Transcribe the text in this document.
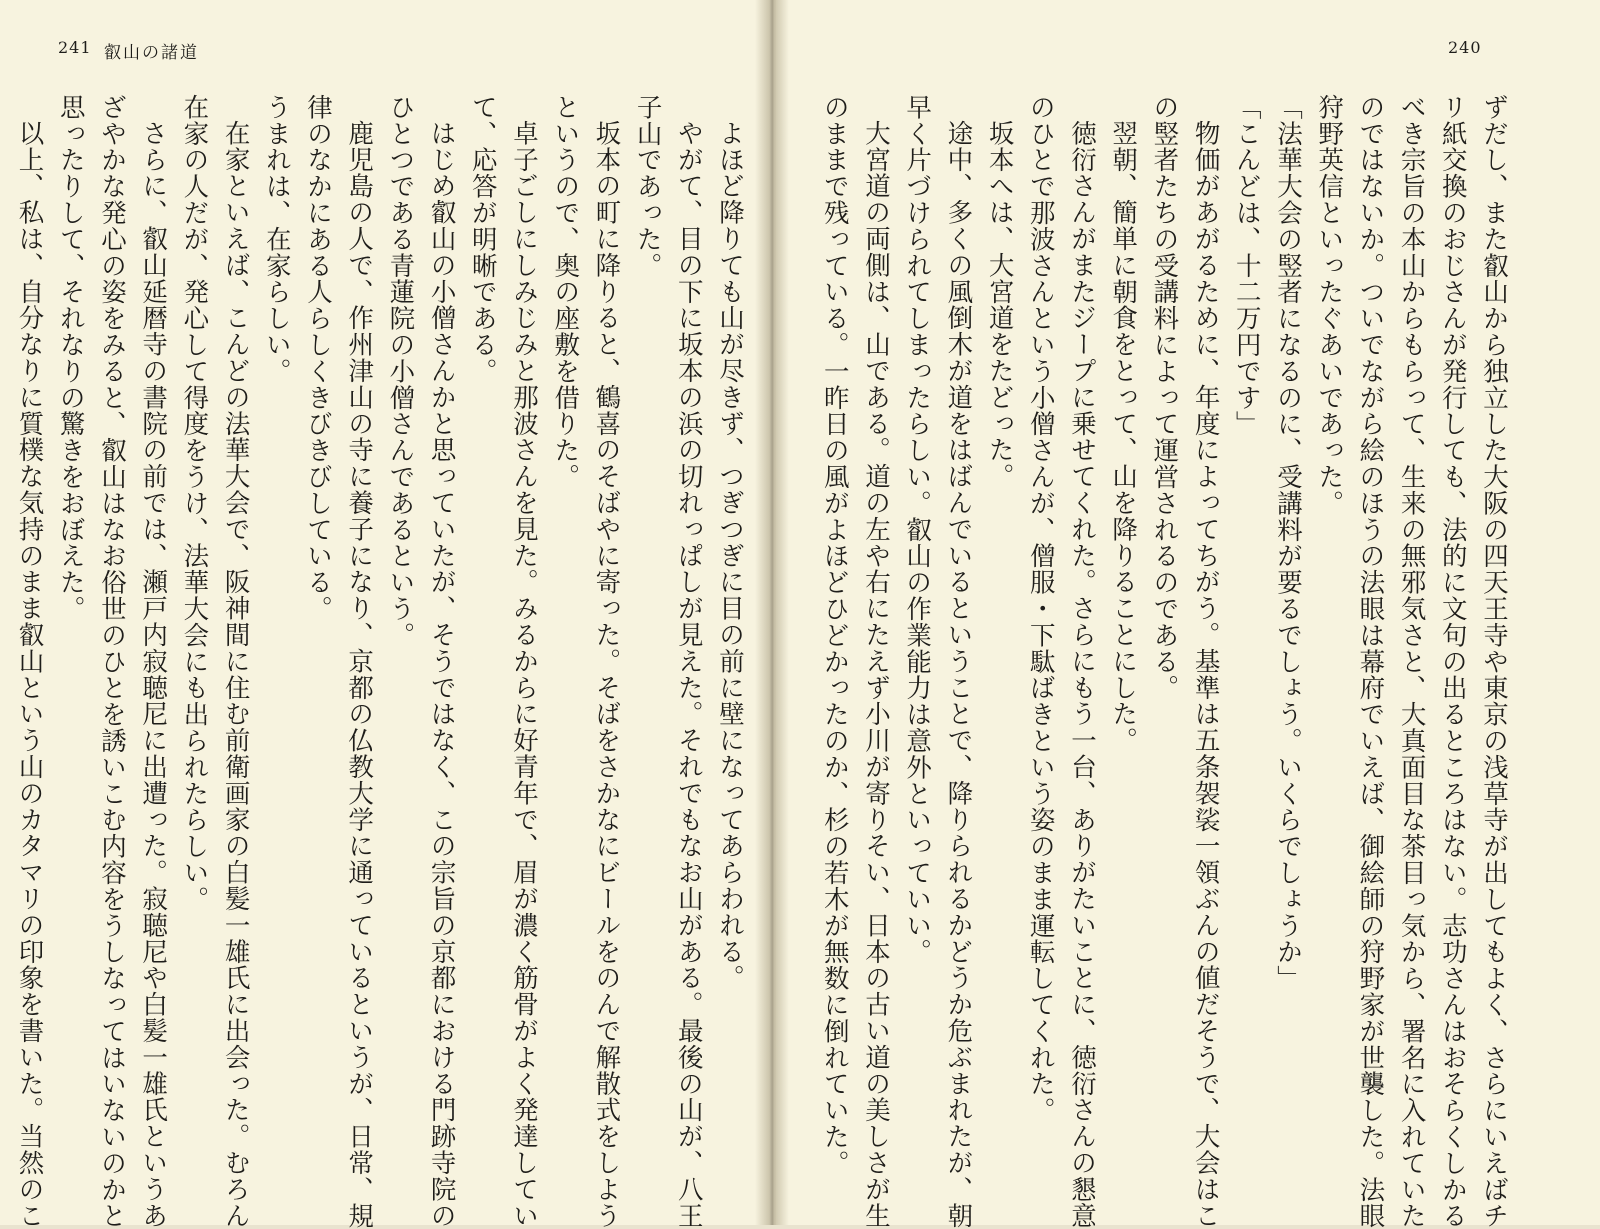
241 叡山の諸道
よほど降りても山が尽きず、つぎつぎに目の前に壁になってあらわれる。
やがて、目の下に坂本の浜の切れっぱしが見えた。それでもなお山がある。最後の山が、八王
子山であった。
坂本の町に降りると、鶴喜のそばやに寄った。そばをさかなにビールをのんで解散式をしよう
というので、奥の座敷を借りた。
卓子ごしにしみじみと那波さんを見た。みるからに好青年で、眉が濃く筋骨がよく発達してい
て、応答が明晰である。
はじめ叡山の小僧さんかと思っていたが、そうではなく、この宗旨の京都における門跡寺院の
ひとつである青蓮院の小僧さんであるという。
鹿児島の人で、作州津山の寺に養子になり、京都の仏教大学に通っているというが、日常、規
律のなかにある人らしくきびきびしている。
うまれは、在家らしい。
在家といえば、こんどの法華大会で、阪神間に住む前衛画家の白髪一雄氏に出会った。むろん
在家の人だが、発心して得度をうけ、法華大会にも出られたらしい。
さらに、叡山延暦寺の書院の前では、瀬戸内寂聴尼に出遭った。寂聴尼や白髪一雄氏というあ
ざやかな発心の姿をみると、叡山はなお俗世のひとを誘いこむ内容をうしなってはいないのかと
思ったりして、それなりの驚きをおぼえた。
以上、私は、自分なりに質樸な気持のまま叡山という山のカタマリの印象を書いた。当然のこ
240
ずだし、また叡山から独立した大阪の四天王寺や東京の浅草寺が出してもよく、さらにいえばチ
リ紙交換のおじさんが発行しても、法的に文句の出るところはない。志功さんはおそらくしかる
べき宗旨の本山からもらって、生来の無邪気さと、大真面目な茶目っ気から、署名に入れていた
のではないか。ついでながら絵のほうの法眼は幕府でいえば、御絵師の狩野家が世襲した。法眼
狩野英信といったぐあいであった。
「法華大会の竪者になるのに、受講料が要るでしょう。いくらでしょうか」
「こんどは、十二万円です」
物価があがるために、年度によってちがう。基準は五条袈裟一領ぶんの値だそうで、大会はこ
の竪者たちの受講料によって運営されるのである。
翌朝、簡単に朝食をとって、山を降りることにした。
徳衍さんがまたジープに乗せてくれた。さらにもう一台、ありがたいことに、徳衍さんの懇意
のひとで那波さんという小僧さんが、僧服・下駄ばきという姿のまま運転してくれた。
坂本へは、大宮道をたどった。
途中、多くの風倒木が道をはばんでいるということで、降りられるかどうか危ぶまれたが、朝
早く片づけられてしまったらしい。叡山の作業能力は意外といっていい。
大宮道の両側は、山である。道の左や右にたえず小川が寄りそい、日本の古い道の美しさが生
のままで残っている。一昨日の風がよほどひどかったのか、杉の若木が無数に倒れていた。
